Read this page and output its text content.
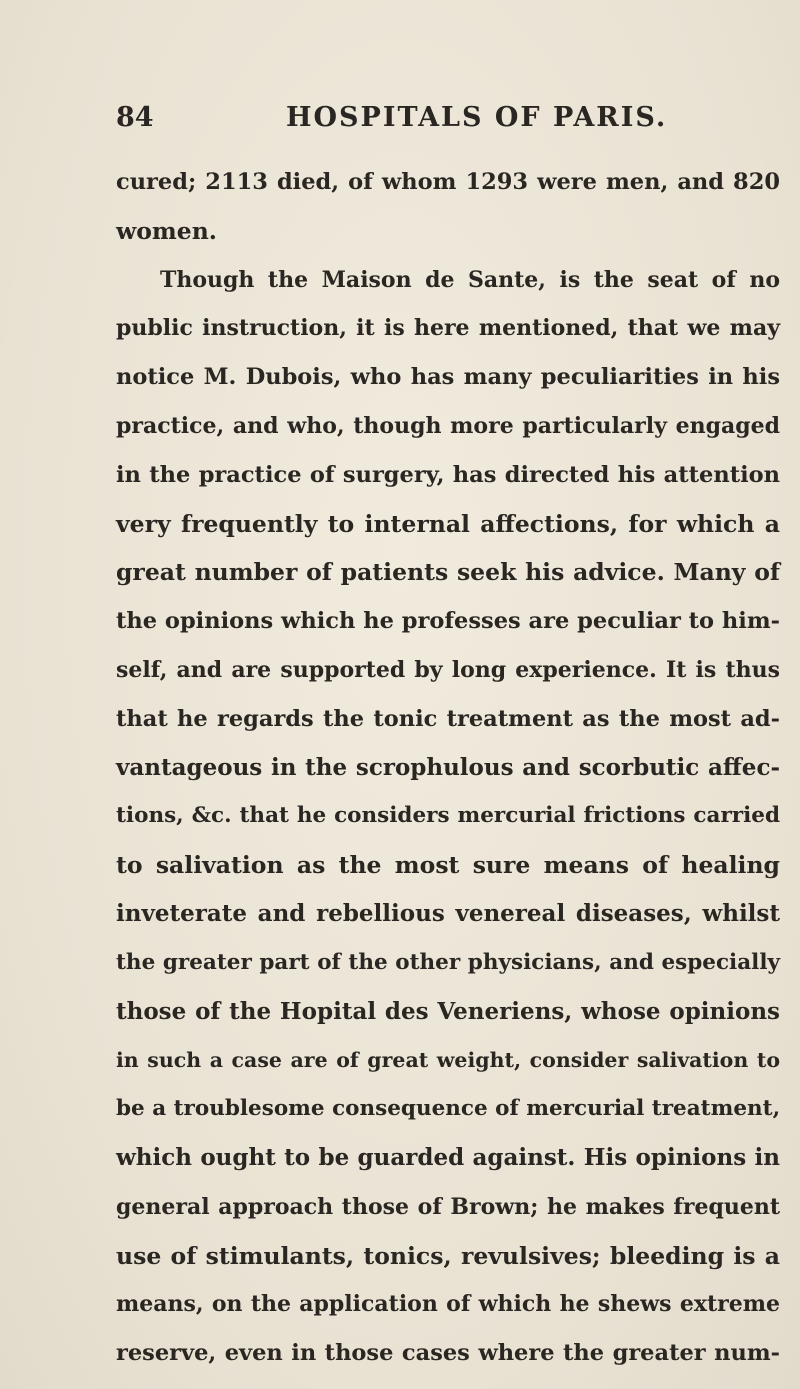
84	HOSPITALS OF PARIS.
cured; 2113 died, of whom 1293 were men, and 820
women.
Though the Maison de Sante, is the seat of no
public instruction, it is here mentioned, that we may
notice M. Dubois, who has many peculiarities in his
practice, and who, though more particularly engaged
in the practice of surgery, has directed his attention
very frequently to internal affections, for which a
great number of patients seek his advice. Many of
the opinions which he professes are peculiar to him-
self, and are supported by long experience. It is thus
that he regards the tonic treatment as the most ad-
vantageous in the scrophulous and scorbutic affec-
tions, &c. that he considers mercurial frictions carried
to salivation as the most sure means of healing
inveterate and rebellious venereal diseases, whilst
the greater part of the other physicians, and especially
those of the Hopital des Veneriens, whose opinions
in such a case are of great weight, consider salivation to
be a troublesome consequence of mercurial treatment,
which ought to be guarded against. His opinions in
general approach those of Brown; he makes frequent
use of stimulants, tonics, revulsives; bleeding is a
means, on the application of which he shews extreme
reserve, even in those cases where the greater num-
